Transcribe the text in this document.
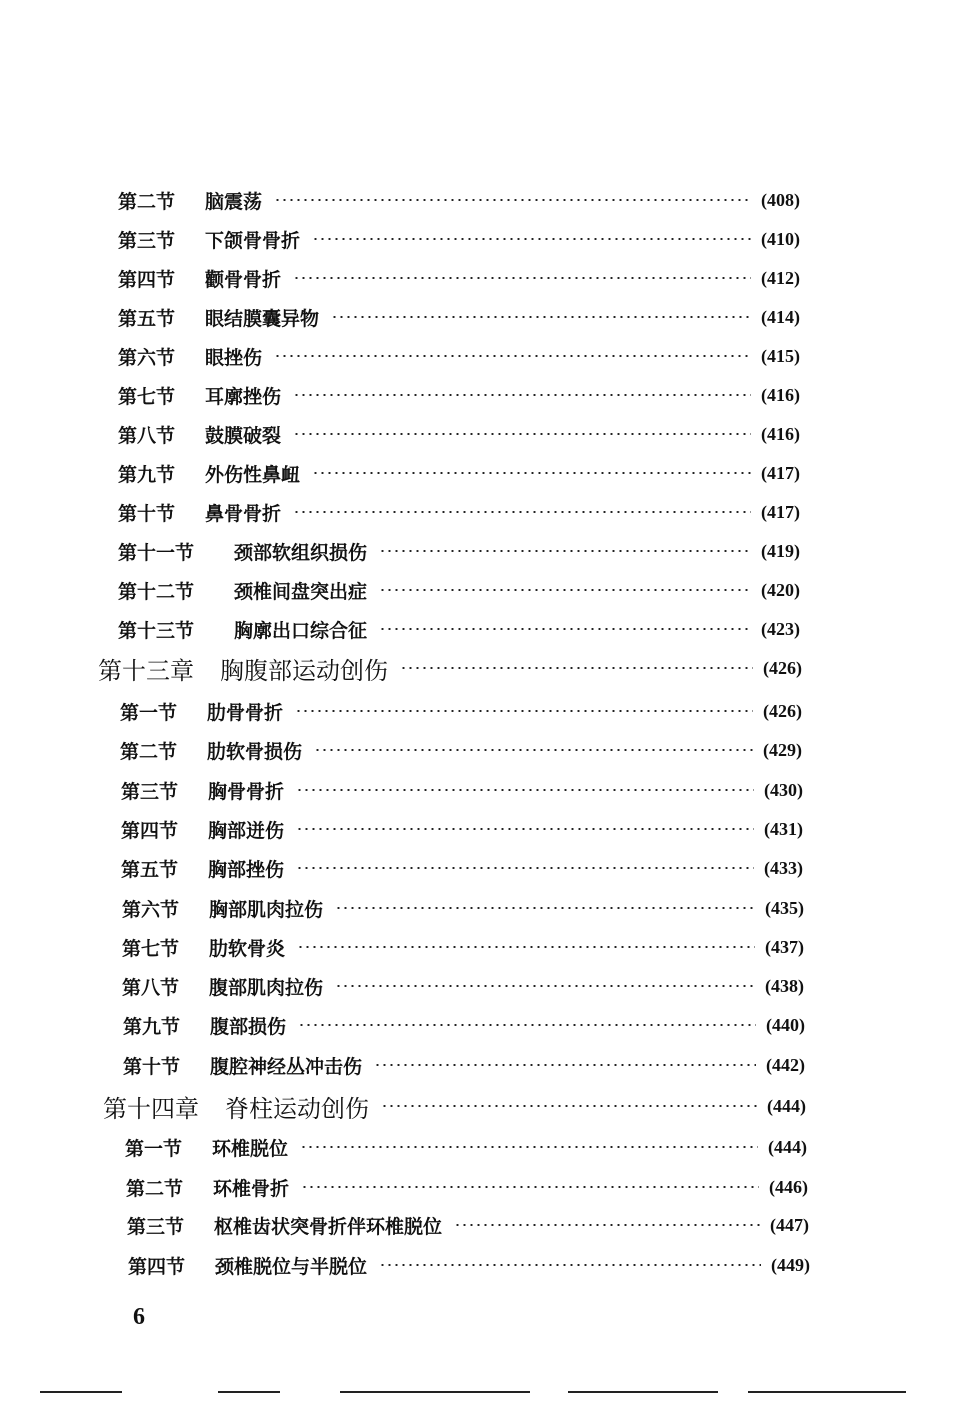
第二节 脑震荡	(408)
第三节 下颌骨骨折	(410)
第四节 颧骨骨折	(412)
第五节 眼结膜囊异物	(414)
第六节 眼挫伤	(415)
第七节 耳廓挫伤	(416)
第八节 鼓膜破裂	(416)
第九节 外伤性鼻衄	(417)
第十节 鼻骨骨折	(417)
第十一节 颈部软组织损伤	(419)
第十二节 颈椎间盘突出症	(420)
第十三节 胸廓出口综合征	(423)
第十三章 胸腹部运动创伤	(426)
第一节 肋骨骨折	(426)
第二节 肋软骨损伤	(429)
第三节 胸骨骨折	(430)
第四节 胸部迸伤	(431)
第五节 胸部挫伤	(433)
第六节 胸部肌肉拉伤	(435)
第七节 肋软骨炎	(437)
第八节 腹部肌肉拉伤	(438)
第九节 腹部损伤	(440)
第十节 腹腔神经丛冲击伤	(442)
第十四章 脊柱运动创伤	(444)
第一节 环椎脱位	(444)
第二节 环椎骨折	(446)
第三节 枢椎齿状突骨折伴环椎脱位	(447)
第四节 颈椎脱位与半脱位	(449)
6
